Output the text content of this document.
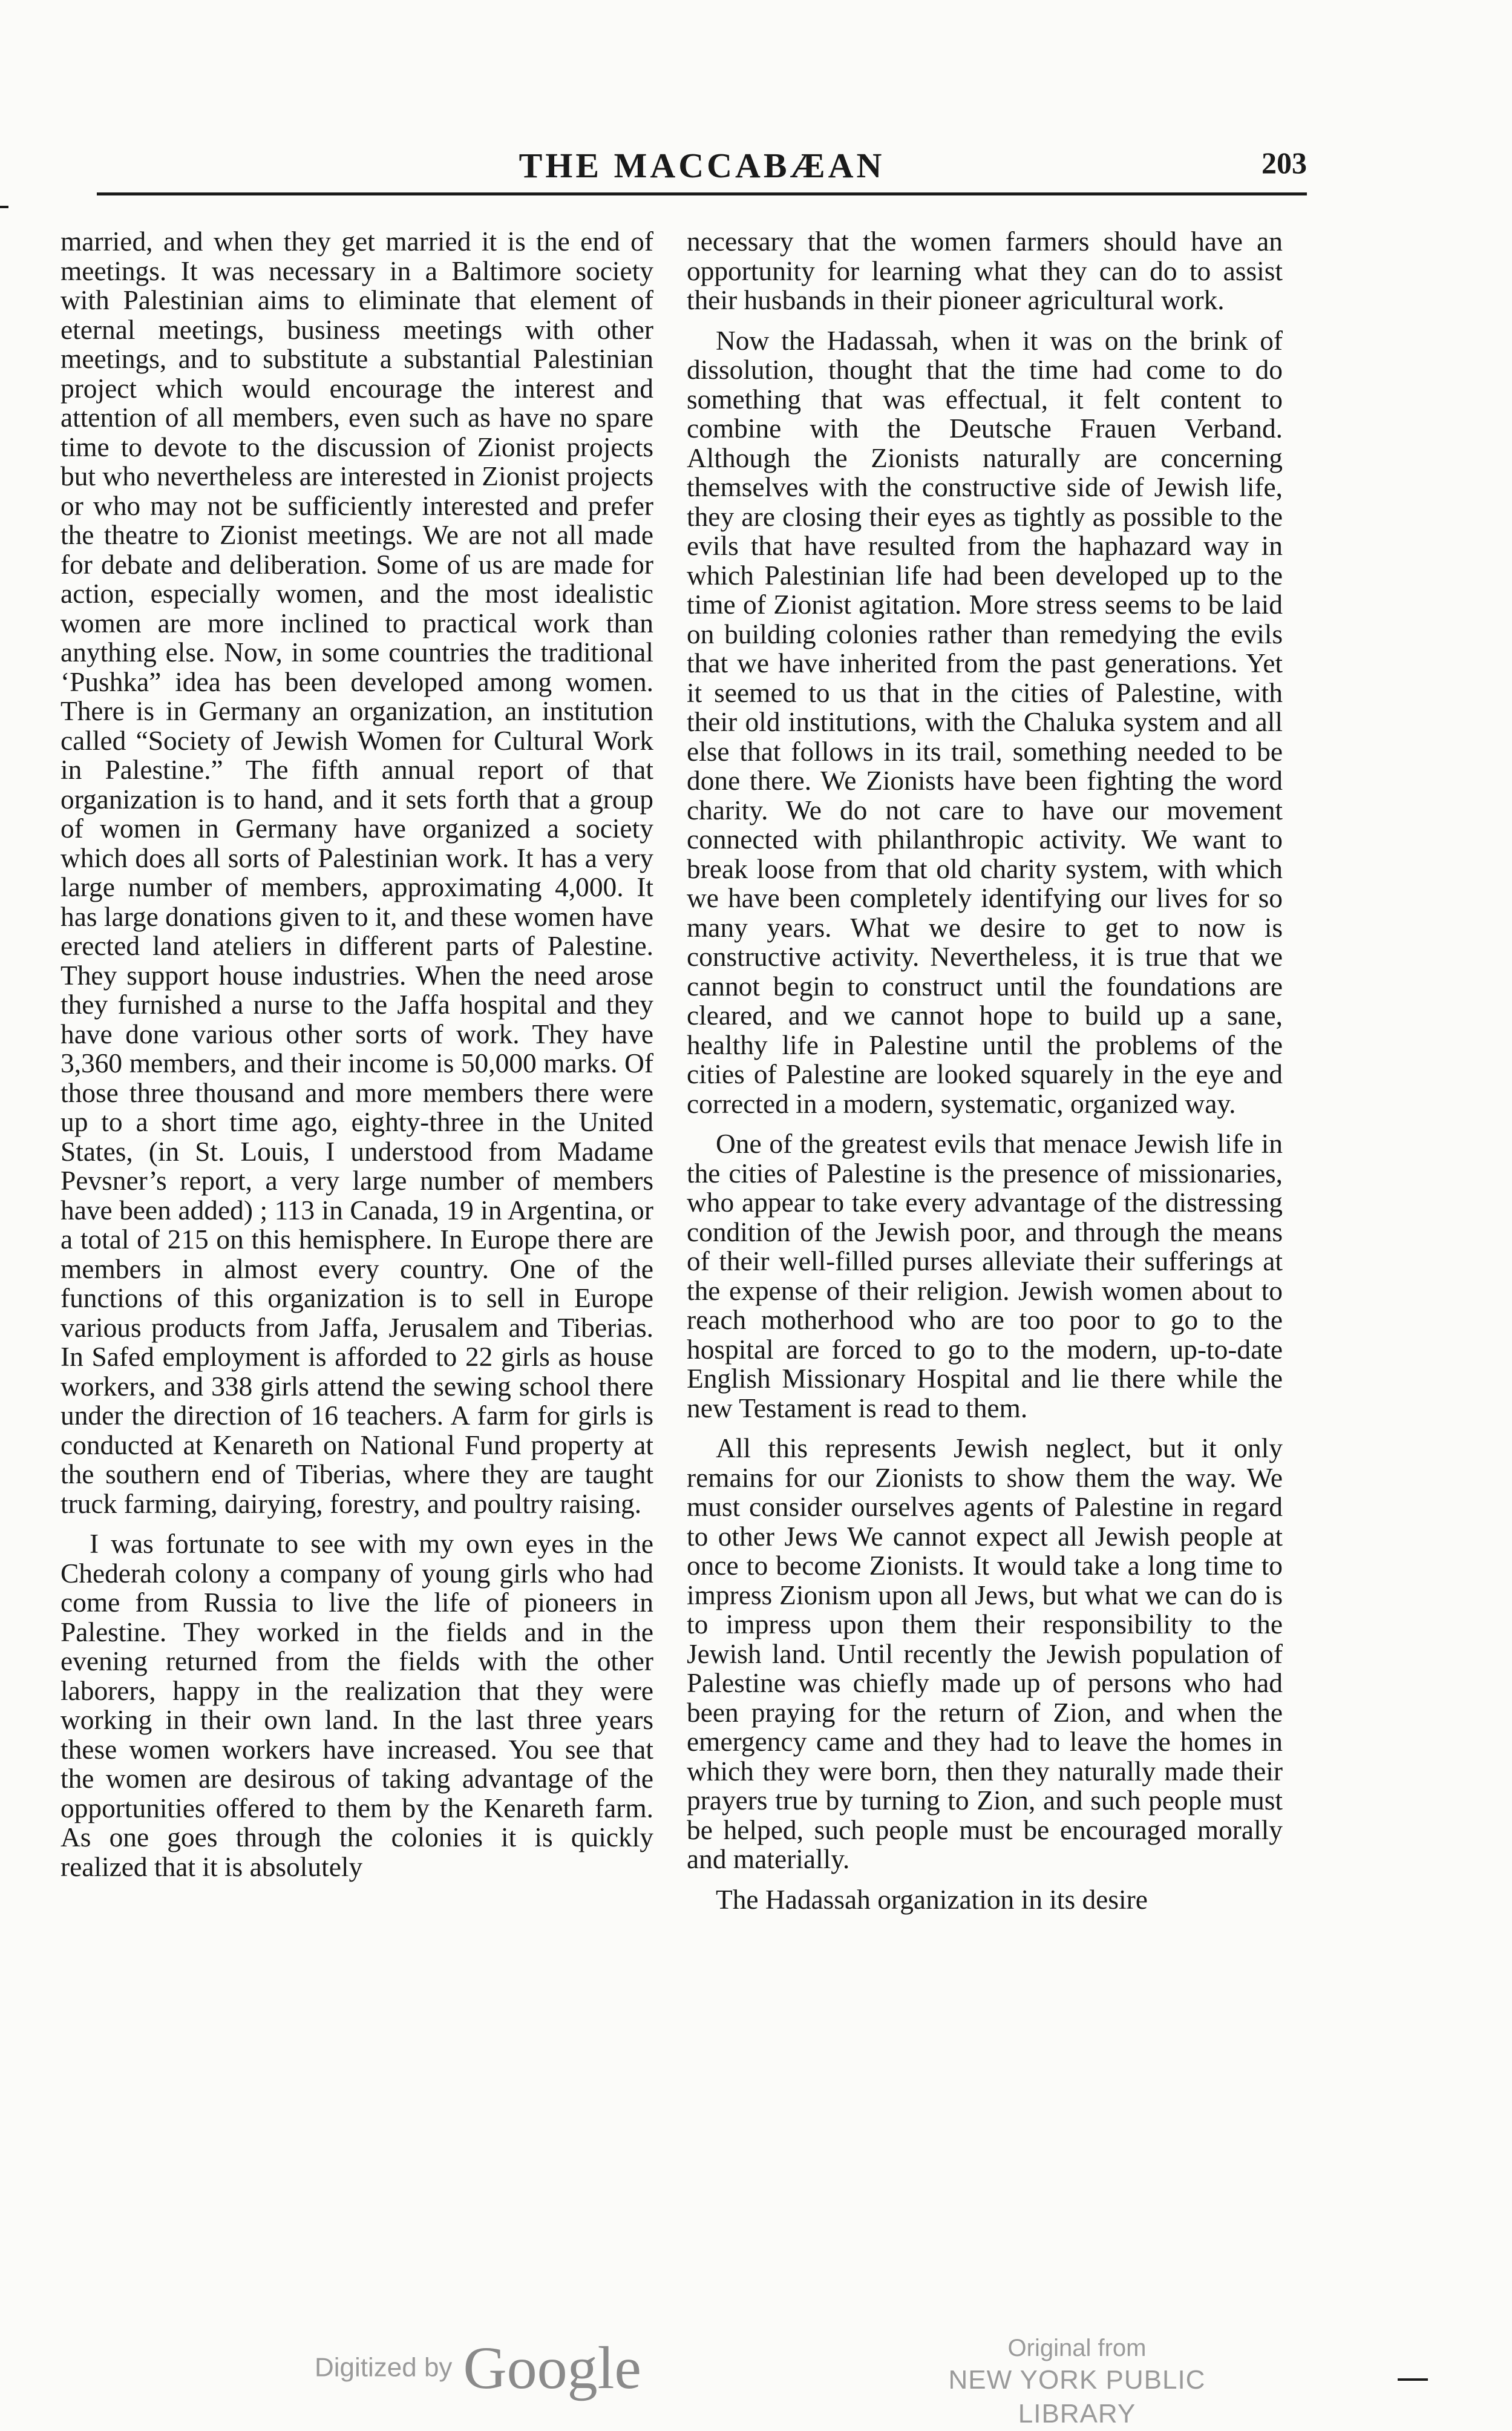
THE MACCABÆAN	203

married, and when they get married it is the end of meetings. It was necessary in a Baltimore society with Palestinian aims to eliminate that element of eternal meetings, business meetings with other meetings, and to substitute a substantial Palestinian project which would encourage the interest and attention of all members, even such as have no spare time to devote to the discussion of Zionist projects but who nevertheless are interested in Zionist projects or who may not be sufficiently interested and prefer the theatre to Zionist meetings. We are not all made for debate and deliberation. Some of us are made for action, especially women, and the most idealistic women are more inclined to practical work than anything else. Now, in some countries the traditional ‘Pushka” idea has been developed among women. There is in Germany an organization, an institution called “Society of Jewish Women for Cultural Work in Palestine.” The fifth annual report of that organization is to hand, and it sets forth that a group of women in Germany have organized a society which does all sorts of Palestinian work. It has a very large number of members, approximating 4,000. It has large donations given to it, and these women have erected land ateliers in different parts of Palestine. They support house industries. When the need arose they furnished a nurse to the Jaffa hospital and they have done various other sorts of work. They have 3,360 members, and their income is 50,000 marks. Of those three thousand and more members there were up to a short time ago, eighty-three in the United States, (in St. Louis, I understood from Madame Pevsner’s report, a very large number of members have been added) ; 113 in Canada, 19 in Argentina, or a total of 215 on this hemisphere. In Europe there are members in almost every country. One of the functions of this organization is to sell in Europe various products from Jaffa, Jerusalem and Tiberias. In Safed employment is afforded to 22 girls as house workers, and 338 girls attend the sewing school there under the direction of 16 teachers. A farm for girls is conducted at Kenareth on National Fund property at the southern end of Tiberias, where they are taught truck farming, dairying, forestry, and poultry raising.

I was fortunate to see with my own eyes in the Chederah colony a company of young girls who had come from Russia to live the life of pioneers in Palestine. They worked in the fields and in the evening returned from the fields with the other laborers, happy in the realization that they were working in their own land. In the last three years these women workers have increased. You see that the women are desirous of taking advantage of the opportunities offered to them by the Kenareth farm. As one goes through the colonies it is quickly realized that it is absolutely

necessary that the women farmers should have an opportunity for learning what they can do to assist their husbands in their pioneer agricultural work.

Now the Hadassah, when it was on the brink of dissolution, thought that the time had come to do something that was effectual, it felt content to combine with the Deutsche Frauen Verband. Although the Zionists naturally are concerning themselves with the constructive side of Jewish life, they are closing their eyes as tightly as possible to the evils that have resulted from the haphazard way in which Palestinian life had been developed up to the time of Zionist agitation. More stress seems to be laid on building colonies rather than remedying the evils that we have inherited from the past generations. Yet it seemed to us that in the cities of Palestine, with their old institutions, with the Chaluka system and all else that follows in its trail, something needed to be done there. We Zionists have been fighting the word charity. We do not care to have our movement connected with philanthropic activity. We want to break loose from that old charity system, with which we have been completely identifying our lives for so many years. What we desire to get to now is constructive activity. Nevertheless, it is true that we cannot begin to construct until the foundations are cleared, and we cannot hope to build up a sane, healthy life in Palestine until the problems of the cities of Palestine are looked squarely in the eye and corrected in a modern, systematic, organized way.

One of the greatest evils that menace Jewish life in the cities of Palestine is the presence of missionaries, who appear to take every advantage of the distressing condition of the Jewish poor, and through the means of their well-filled purses alleviate their sufferings at the expense of their religion. Jewish women about to reach motherhood who are too poor to go to the hospital are forced to go to the modern, up-to-date English Missionary Hospital and lie there while the new Testament is read to them.

All this represents Jewish neglect, but it only remains for our Zionists to show them the way. We must consider ourselves agents of Palestine in regard to other Jews We cannot expect all Jewish people at once to become Zionists. It would take a long time to impress Zionism upon all Jews, but what we can do is to impress upon them their responsibility to the Jewish land. Until recently the Jewish population of Palestine was chiefly made up of persons who had been praying for the return of Zion, and when the emergency came and they had to leave the homes in which they were born, then they naturally made their prayers true by turning to Zion, and such people must be helped, such people must be encouraged morally and materially.

The Hadassah organization in its desire

Digitized by Google	Original from
NEW YORK PUBLIC LIBRARY
